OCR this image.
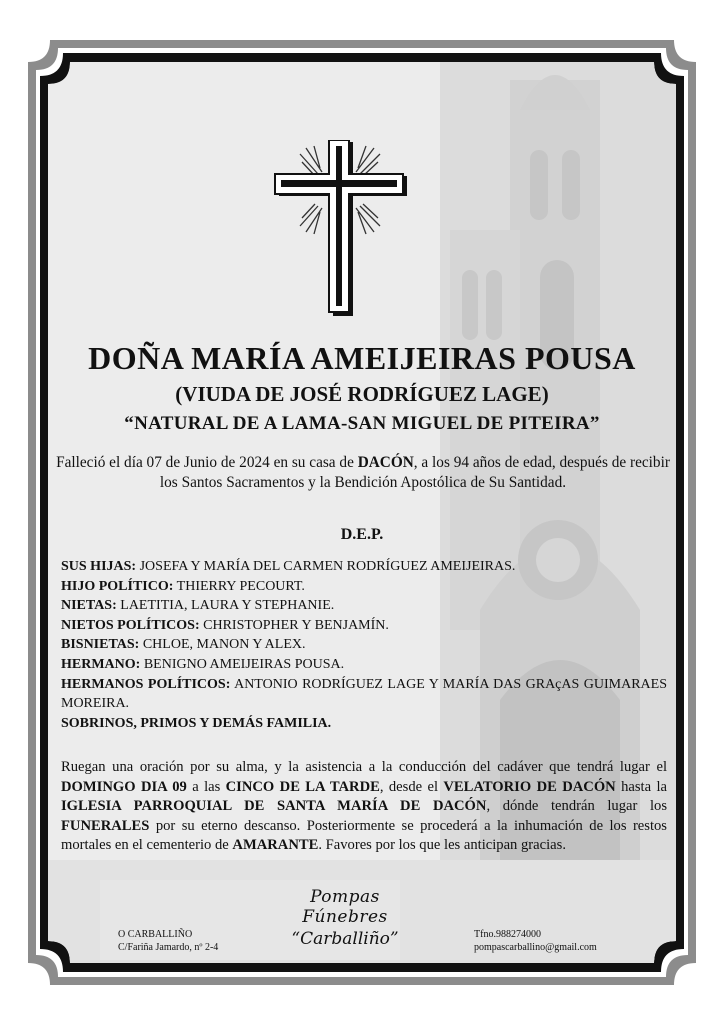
DOÑA MARÍA AMEIJEIRAS POUSA
(VIUDA DE JOSÉ RODRÍGUEZ LAGE)
“NATURAL DE A LAMA-SAN MIGUEL DE PITEIRA”
Falleció el día 07 de Junio de 2024 en su casa de DACÓN, a los 94 años de edad, después de recibir los Santos Sacramentos y la Bendición Apostólica de Su Santidad.
D.E.P.

SUS HIJAS: JOSEFA Y MARÍA DEL CARMEN RODRÍGUEZ AMEIJEIRAS.

HIJO POLÍTICO: THIERRY PECOURT.

NIETAS: LAETITIA, LAURA Y STEPHANIE.

NIETOS POLÍTICOS: CHRISTOPHER Y BENJAMÍN.

BISNIETAS: CHLOE, MANON Y ALEX.

HERMANO: BENIGNO AMEIJEIRAS POUSA.

HERMANOS POLÍTICOS: ANTONIO RODRÍGUEZ LAGE Y MARÍA DAS GRAçAS GUIMARAES MOREIRA.

SOBRINOS, PRIMOS Y DEMÁS FAMILIA.

Ruegan una oración por su alma, y la asistencia a la conducción del cadáver que tendrá lugar el DOMINGO DIA 09 a las CINCO DE LA TARDE, desde el VELATORIO DE DACÓN hasta la IGLESIA PARROQUIAL DE SANTA MARÍA DE DACÓN, dónde tendrán lugar los FUNERALES por su eterno descanso. Posteriormente se procederá a la inhumación de los restos mortales en el cementerio de AMARANTE. Favores por los que les anticipan gracias.
Pompas Fúnebres
“Carballiño”
O CARBALLIÑO
C/Fariña Jamardo, nº 2-4
Tfno.988274000
pompascarballino@gmail.com
